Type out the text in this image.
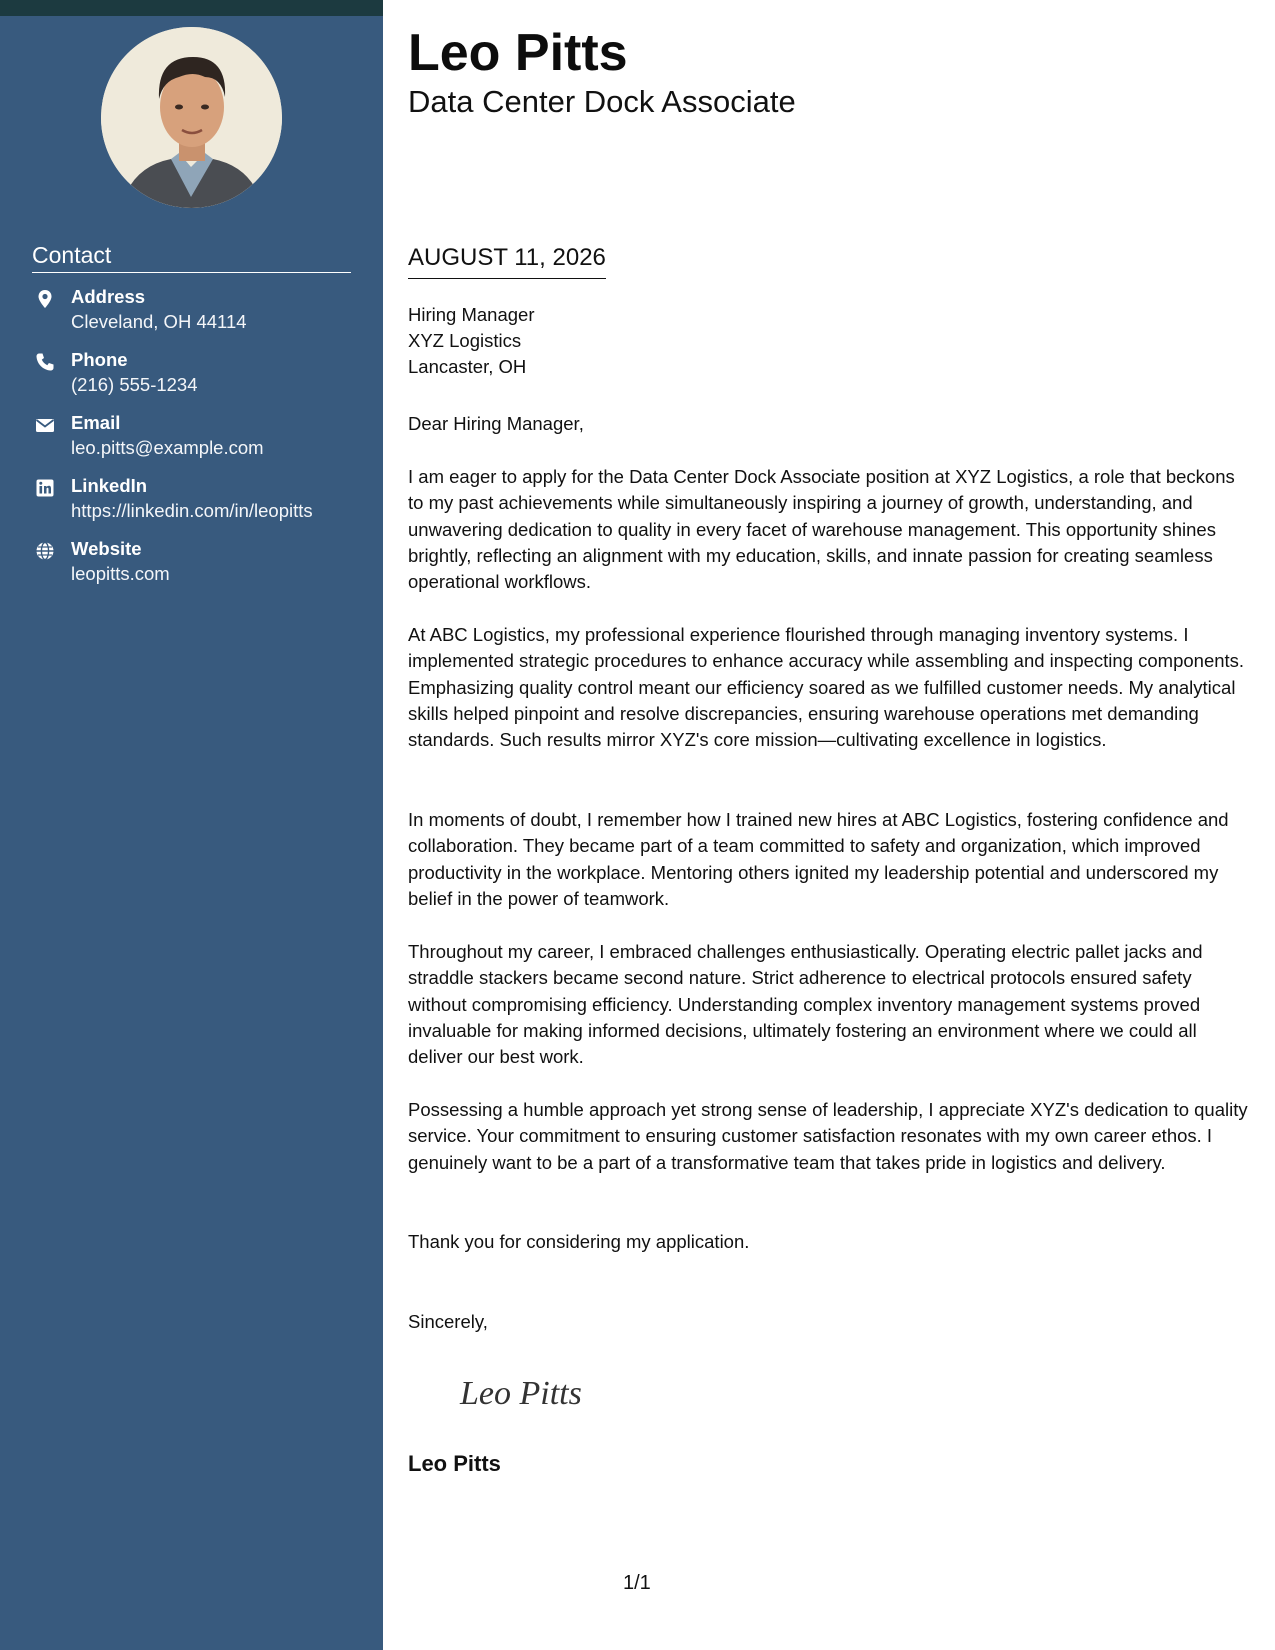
Contact
Address
Cleveland, OH 44114
Phone
(216) 555-1234
Email
leo.pitts@example.com
LinkedIn
https://linkedin.com/in/leopitts
Website
leopitts.com
Leo Pitts
Data Center Dock Associate
AUGUST 11, 2026
Hiring Manager
XYZ Logistics
Lancaster, OH

Dear Hiring Manager,

I am eager to apply for the Data Center Dock Associate position at XYZ Logistics, a role that beckons to my past achievements while simultaneously inspiring a journey of growth, understanding, and unwavering dedication to quality in every facet of warehouse management. This opportunity shines brightly, reflecting an alignment with my education, skills, and innate passion for creating seamless operational workflows.

At ABC Logistics, my professional experience flourished through managing inventory systems. I implemented strategic procedures to enhance accuracy while assembling and inspecting components. Emphasizing quality control meant our efficiency soared as we fulfilled customer needs. My analytical skills helped pinpoint and resolve discrepancies, ensuring warehouse operations met demanding standards. Such results mirror XYZ's core mission—cultivating excellence in logistics.

In moments of doubt, I remember how I trained new hires at ABC Logistics, fostering confidence and collaboration. They became part of a team committed to safety and organization, which improved productivity in the workplace. Mentoring others ignited my leadership potential and underscored my belief in the power of teamwork.

Throughout my career, I embraced challenges enthusiastically. Operating electric pallet jacks and straddle stackers became second nature. Strict adherence to electrical protocols ensured safety without compromising efficiency. Understanding complex inventory management systems proved invaluable for making informed decisions, ultimately fostering an environment where we could all deliver our best work.

Possessing a humble approach yet strong sense of leadership, I appreciate XYZ's dedication to quality service. Your commitment to ensuring customer satisfaction resonates with my own career ethos. I genuinely want to be a part of a transformative team that takes pride in logistics and delivery.

Thank you for considering my application.

Sincerely,

Leo Pitts
Leo Pitts
1/1
